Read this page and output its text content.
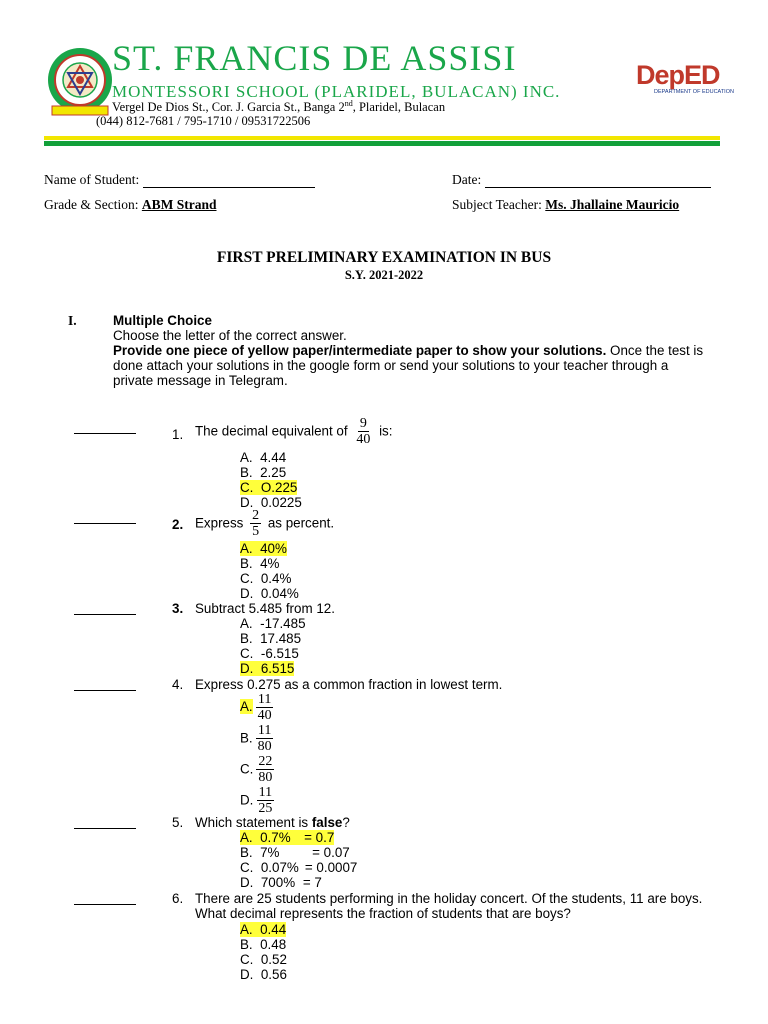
ST. FRANCIS DE ASSISI
MONTESSORI SCHOOL (PLARIDEL, BULACAN) INC.
Vergel De Dios St., Cor. J. Garcia St., Banga 2nd, Plaridel, Bulacan
(044) 812-7681 / 795-1710 / 09531722506
DepED
DEPARTMENT OF EDUCATION
Name of Student:	Date:
Grade & Section: ABM Strand	Subject Teacher: Ms. Jhallaine Mauricio
FIRST PRELIMINARY EXAMINATION IN BUS
S.Y. 2021-2022
I.	Multiple Choice
Choose the letter of the correct answer.
Provide one piece of yellow paper/intermediate paper to show your solutions. Once the test is
done attach your solutions in the google form or send your solutions to your teacher through a
private message in Telegram.
1. The decimal equivalent of $\frac{9}{40}$ is:
A. 4.44
B. 2.25
C. O.225
D. 0.0225
2. Express $\frac{2}{5}$ as percent.
A. 40%
B. 4%
C. 0.4%
D. 0.04%
3. Subtract 5.485 from 12.
A. -17.485
B. 17.485
C. -6.515
D. 6.515
4. Express 0.275 as a common fraction in lowest term.
A. $\frac{11}{40}$
B. $\frac{11}{80}$
C. $\frac{22}{80}$
D. $\frac{11}{25}$
5. Which statement is false?
A. 0.7% = 0.7
B. 7% = 0.07
C. 0.07% = 0.0007
D. 700% = 7
6. There are 25 students performing in the holiday concert. Of the students, 11 are boys.
What decimal represents the fraction of students that are boys?
A. 0.44
B. 0.48
C. 0.52
D. 0.56
